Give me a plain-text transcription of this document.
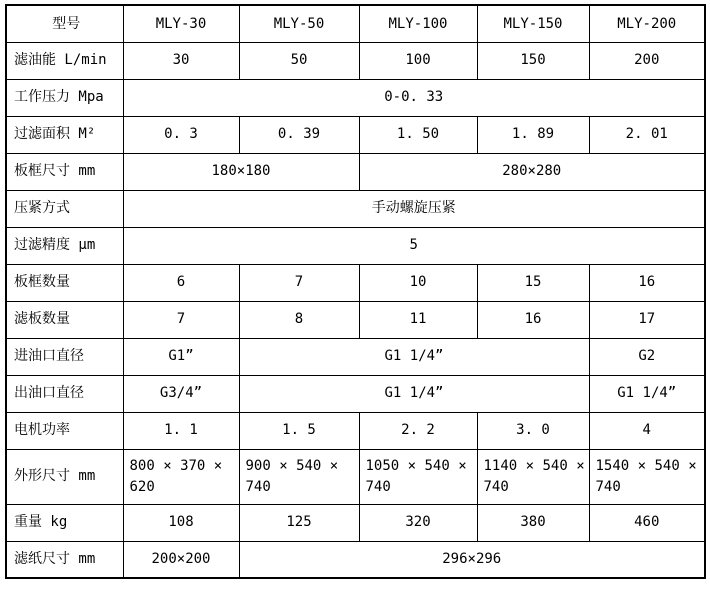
型号	MLY-30	MLY-50	MLY-100	MLY-150	MLY-200
滤油能 L/min	30	50	100	150	200
工作压力 Mpa	0-0. 33				
过滤面积 M²	0. 3	0. 39	1. 50	1. 89	2. 01
板框尺寸 mm	180×180		280×280		
压紧方式	手动螺旋压紧				
过滤精度 μm	5				
板框数量	6	7	10	15	16
滤板数量	7	8	11	16	17
进油口直径	G1”	G1 1/4”			G2
出油口直径	G3/4”	G1 1/4”			G1 1/4”
电机功率	1. 1	1. 5	2. 2	3. 0	4
外形尺寸 mm	800 × 370 × 620	900 × 540 × 740	1050 × 540 × 740	1140 × 540 × 740	1540 × 540 × 740
重量 kg	108	125	320	380	460
滤纸尺寸 mm	200×200	296×296			
